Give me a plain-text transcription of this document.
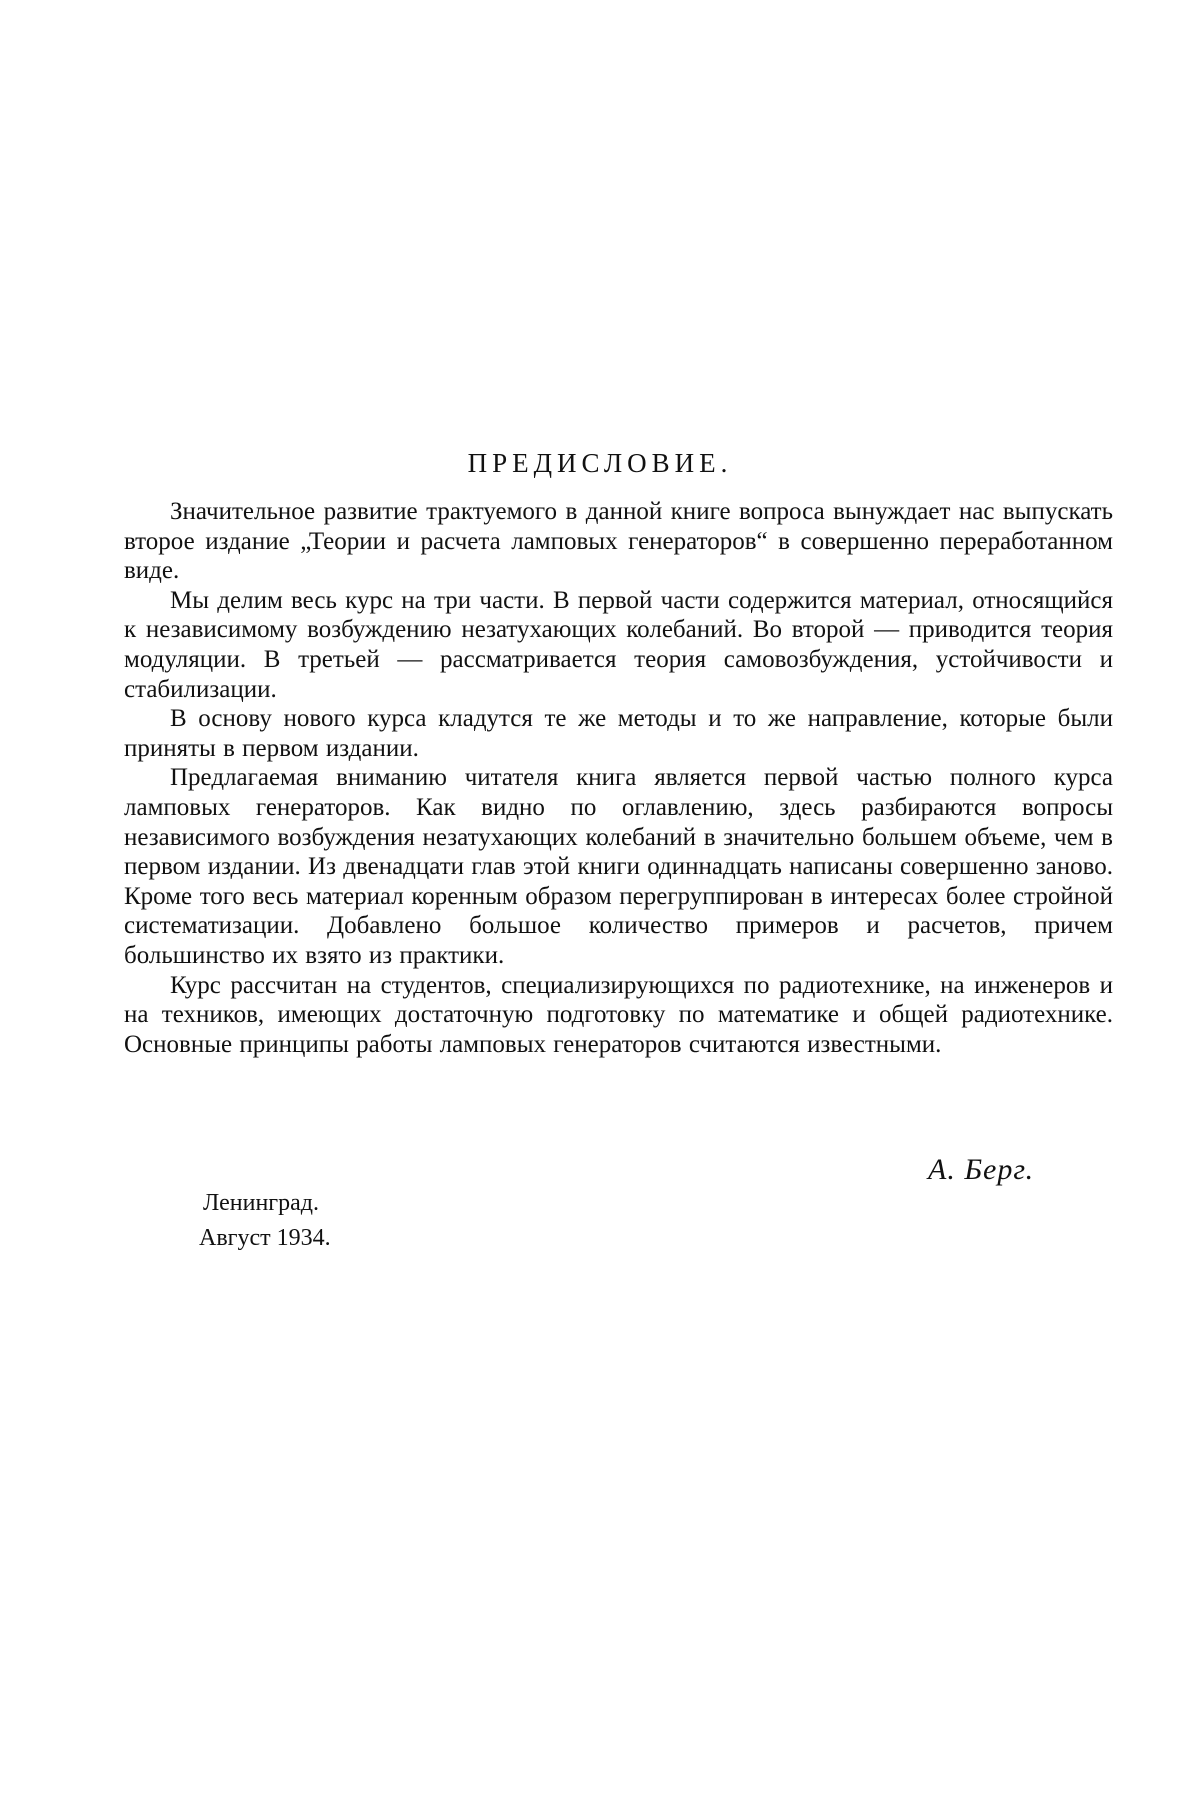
ПРЕДИСЛОВИЕ.

Значительное развитие трактуемого в данной книге вопроса вынуждает нас выпускать второе издание „Теории и расчета ламповых генераторов“ в совершенно переработанном виде.

Мы делим весь курс на три части. В первой части содержится материал, относящийся к независимому возбуждению незатухающих колебаний. Во второй — приводится теория модуляции. В третьей — рассматривается теория самовозбуждения, устойчивости и стабилизации.

В основу нового курса кладутся те же методы и то же направление, которые были приняты в первом издании.

Предлагаемая вниманию читателя книга является первой частью полного курса ламповых генераторов. Как видно по оглавлению, здесь разбираются вопросы независимого возбуждения незатухающих колебаний в значительно большем объеме, чем в первом издании. Из двенадцати глав этой книги одиннадцать написаны совершенно заново. Кроме того весь материал коренным образом перегруппирован в интересах более стройной систематизации. Добавлено большое количество примеров и расчетов, причем большинство их взято из практики.

Курс рассчитан на студентов, специализирующихся по радиотехнике, на инженеров и на техников, имеющих достаточную подготовку по математике и общей радиотехнике. Основные принципы работы ламповых генераторов считаются известными.

А. Берг.
Ленинград.
Август 1934.
